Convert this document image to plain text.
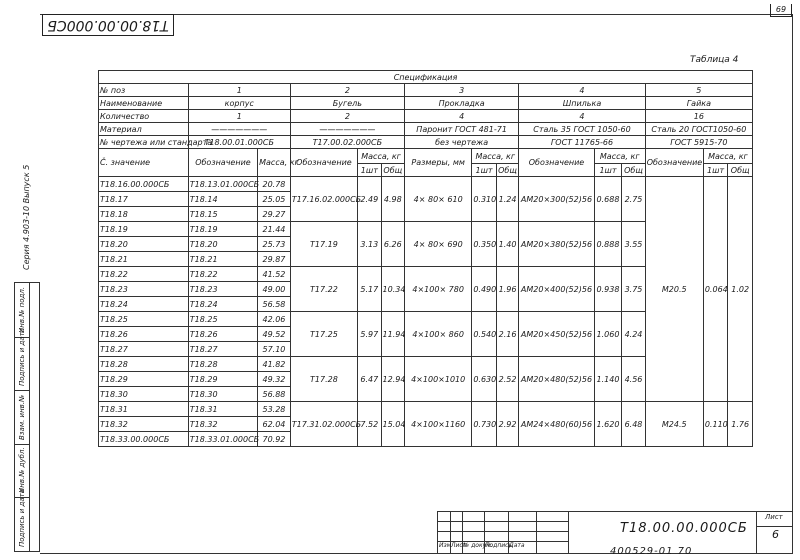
69
T18.00.00.000СБ
Таблица 4
Спецификация														
№ поз	1		2			3			4			5		
Наименование	корпус		Бугель			Прокладка			Шпилька			Гайка		
Количество	1		2			4			4			16		
Материал	———————		———————			Паронит ГОСТ 481-71			Сталь 35 ГОСТ 1050-60			Сталь 20 ГОСТ1050-60		
№ чертежа или стандарта	Т18.00.01.000СБ		Т17.00.02.000СБ			без чертежа			ГОСТ 11765-66			ГОСТ 5915-70		
Č. значение	Обозначение	Масса, кг	Обозначение	Масса, кг		Размеры, мм	Масса, кг		Обозначение	Масса, кг		Обозначение	Масса, кг	
				1шт	Общ		1шт	Общ		1шт	Общ		1шт	Общ
Т18.16.00.000СБ	Т18.13.01.000СБ	20.78	Т17.16.02.000СБ	2.49	4.98	4× 80× 610	0.310	1.24	АМ20×300(52)56	0.688	2.75	М20.5	0.064	1.02
Т18.17	Т18.14	25.05												
Т18.18	Т18.15	29.27												
Т18.19	Т18.19	21.44	Т17.19	3.13	6.26	4× 80× 690	0.350	1.40	АМ20×380(52)56	0.888	3.55			
Т18.20	Т18.20	25.73												
Т18.21	Т18.21	29.87												
Т18.22	Т18.22	41.52	Т17.22	5.17	10.34	4×100× 780	0.490	1.96	АМ20×400(52)56	0.938	3.75			
Т18.23	Т18.23	49.00												
Т18.24	Т18.24	56.58												
Т18.25	Т18.25	42.06	Т17.25	5.97	11.94	4×100× 860	0.540	2.16	АМ20×450(52)56	1.060	4.24			
Т18.26	Т18.26	49.52												
Т18.27	Т18.27	57.10												
Т18.28	Т18.28	41.82	Т17.28	6.47	12.94	4×100×1010	0.630	2.52	АМ20×480(52)56	1.140	4.56			
Т18.29	Т18.29	49.32												
Т18.30	Т18.30	56.88												
Т18.31	Т18.31	53.28	Т17.31.02.000СБ	7.52	15.04	4×100×1160	0.730	2.92	АМ24×480(60)56	1.620	6.48	М24.5	0.110	1.76
Т18.32	Т18.32	62.04												
Т18.33.00.000СБ	Т18.33.01.000СБ	70.92												
Серия 4.903-10 Выпуск 5
Подпись и дата
Инв.№ дубл.
Взам. инв.№
Подпись и дата
Инв.№ подл.
Изм Лист
№ докум.
Подпись
Дата
Т18.00.00.000СБ
Лист
6
400529-01 70
